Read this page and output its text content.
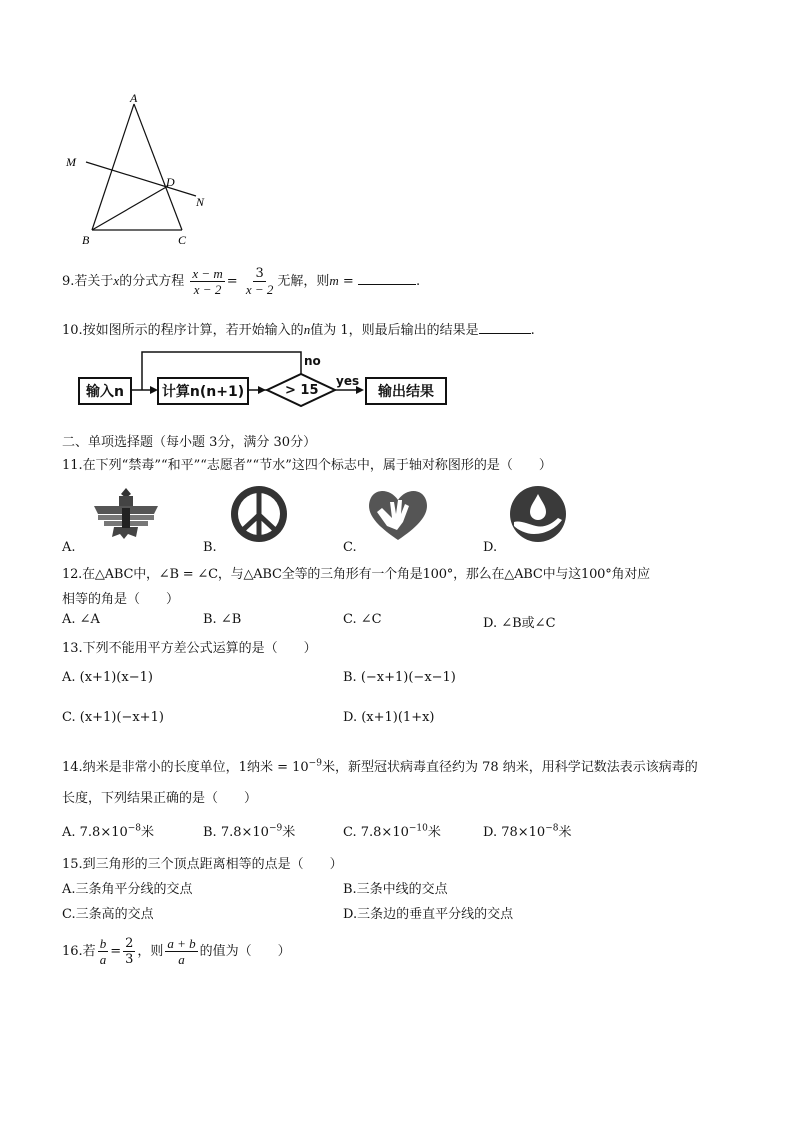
A
M
D
N
B	C
9.若关于x的分式方程 $\frac{x - m}{x - 2} = \frac{3}{x - 2}$ 无解，则m =	.
10.按如图所示的程序计算，若开始输入的n值为 1，则最后输出的结果是	.
输入n	计算n(n+1)	> 15	输出结果
no
yes
二、单项选择题（每小题 3分，满分 30分）
11.在下列“禁毒”“和平”“志愿者”“节水”这四个标志中，属于轴对称图形的是（　　）
A.	B.	C.	D.
12.在△ABC中，∠B = ∠C，与△ABC全等的三角形有一个角是100°，那么在△ABC中与这100°角对应
相等的角是（　　）
A. ∠A	B. ∠B	C. ∠C	D. ∠B或∠C
13.下列不能用平方差公式运算的是（　　）
A. (x+1)(x−1)	B. (−x+1)(−x−1)
C. (x+1)(−x+1)	D. (x+1)(1+x)
14.纳米是非常小的长度单位，1纳米 = $10^{-9}$米，新型冠状病毒直径约为 78 纳米，用科学记数法表示该病毒的
长度，下列结果正确的是（　　）
A. $7.8\times 10^{-8}$米	B. $7.8\times 10^{-9}$米	C. $7.8\times 10^{-10}$米	D. $78\times 10^{-8}$米
15.到三角形的三个顶点距离相等的点是（　　）
A.三条角平分线的交点	B.三条中线的交点
C.三条高的交点	D.三条边的垂直平分线的交点
16.若 $\frac{b}{a} = \frac{2}{3}$ ，则 $\frac{a + b}{a}$ 的值为（　　）
